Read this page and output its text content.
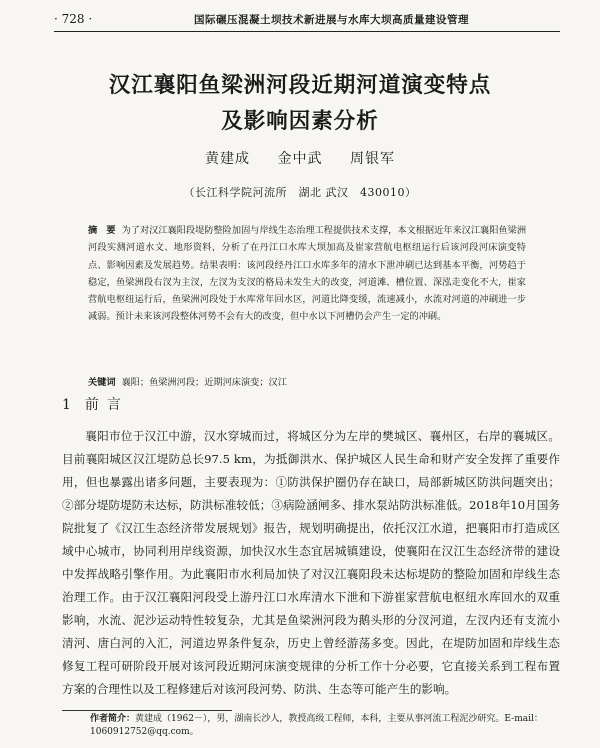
· 728 ·	国际碾压混凝土坝技术新进展与水库大坝高质量建设管理
汉江襄阳鱼梁洲河段近期河道演变特点
及影响因素分析
黄建成 金中武 周银军
（长江科学院河流所　湖北 武汉　430010）
摘　要 为了对汉江襄阳段堤防整险加固与岸线生态治理工程提供技术支撑，本文根据近年来汉江襄阳鱼梁洲河段实测河道水文、地形资料，分析了在丹江口水库大坝加高及崔家营航电枢纽运行后该河段河床演变特点、影响因素及发展趋势。结果表明：该河段经丹江口水库多年的清水下泄冲刷已达到基本平衡，河势趋于稳定，鱼梁洲段右汊为主汊，左汊为支汊的格局未发生大的改变，河道滩、槽位置、深泓走变化不大，崔家营航电枢纽运行后，鱼梁洲河段处于水库常年回水区，河道比降变缓，流速减小，水流对河道的冲刷进一步减弱。预计未来该河段整体河势不会有大的改变，但中水以下河槽仍会产生一定的冲刷。
关键词 襄阳；鱼梁洲河段；近期河床演变；汉江
1 前言
襄阳市位于汉江中游，汉水穿城而过，将城区分为左岸的樊城区、襄州区，右岸的襄城区。目前襄阳城区汉江堤防总长97.5 km，为抵御洪水、保护城区人民生命和财产安全发挥了重要作用，但也暴露出诸多问题，主要表现为：①防洪保护圈仍存在缺口，局部新城区防洪问题突出；②部分堤防堤防未达标，防洪标准较低；③病险涵闸多、排水泵站防洪标准低。2018年10月国务院批复了《汉江生态经济带发展规划》报告，规划明确提出，依托汉江水道，把襄阳市打造成区域中心城市，协同利用岸线资源，加快汉水生态宜居城镇建设，使襄阳在汉江生态经济带的建设中发挥战略引擎作用。为此襄阳市水利局加快了对汉江襄阳段未达标堤防的整险加固和岸线生态治理工作。由于汉江襄阳河段受上游丹江口水库清水下泄和下游崔家营航电枢纽水库回水的双重影响，水流、泥沙运动特性较复杂，尤其是鱼梁洲河段为鹅头形的分汊河道，左汊内还有支流小清河、唐白河的入汇，河道边界条件复杂，历史上曾经游荡多变。因此，在堤防加固和岸线生态修复工程可研阶段开展对该河段近期河床演变规律的分析工作十分必要，它直接关系到工程布置方案的合理性以及工程修建后对该河段河势、防洪、生态等可能产生的影响。
作者简介：黄建成（1962－），男，湖南长沙人，教授高级工程师，本科，主要从事河流工程泥沙研究。E-mail：1060912752@qq.com。
